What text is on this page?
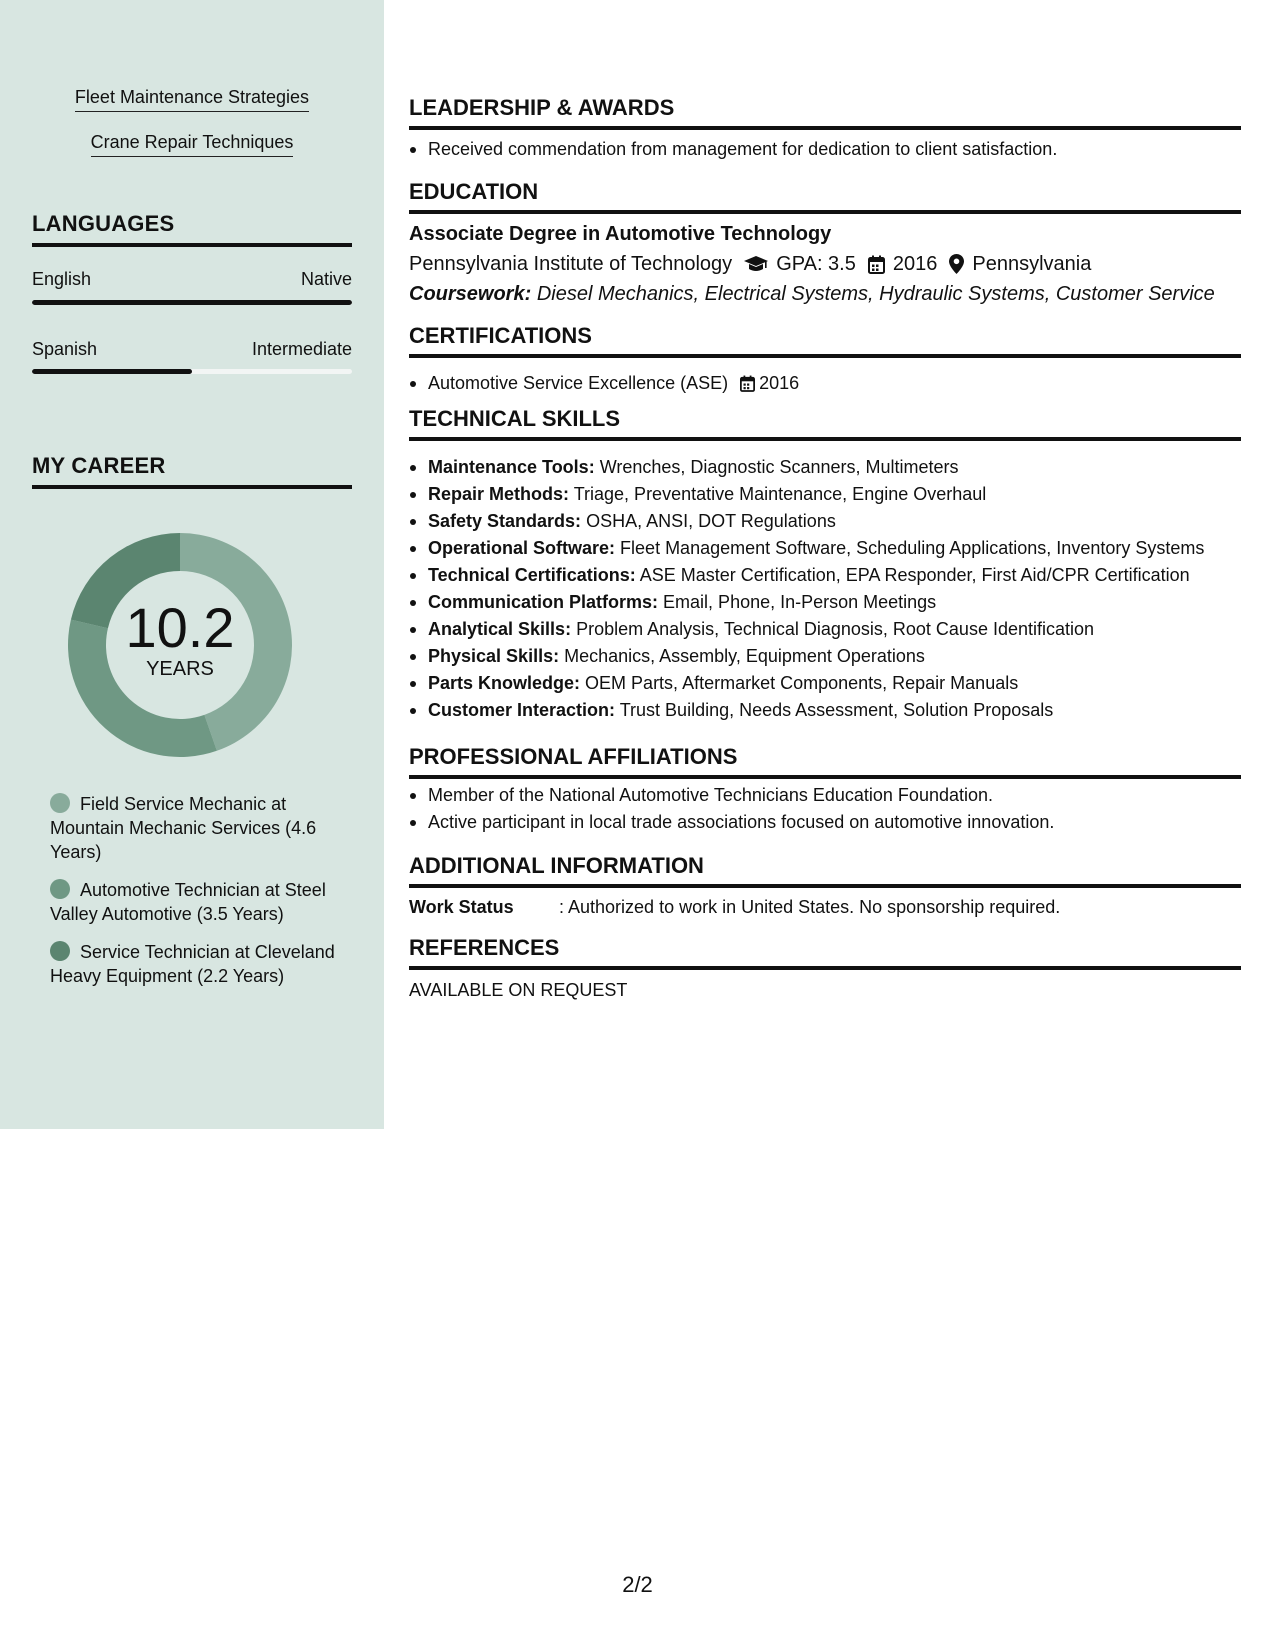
Fleet Maintenance Strategies
Crane Repair Techniques
LANGUAGES
English	Native
Spanish	Intermediate
MY CAREER
10.2
YEARS
Field Service Mechanic at Mountain Mechanic Services (4.6 Years)
Automotive Technician at Steel Valley Automotive (3.5 Years)
Service Technician at Cleveland Heavy Equipment (2.2 Years)
LEADERSHIP & AWARDS
Received commendation from management for dedication to client satisfaction.
EDUCATION
Associate Degree in Automotive Technology
Pennsylvania Institute of Technology GPA: 3.5 2016 Pennsylvania
Coursework: Diesel Mechanics, Electrical Systems, Hydraulic Systems, Customer Service
CERTIFICATIONS
Automotive Service Excellence (ASE) 2016
TECHNICAL SKILLS
Maintenance Tools: Wrenches, Diagnostic Scanners, Multimeters
Repair Methods: Triage, Preventative Maintenance, Engine Overhaul
Safety Standards: OSHA, ANSI, DOT Regulations
Operational Software: Fleet Management Software, Scheduling Applications, Inventory Systems
Technical Certifications: ASE Master Certification, EPA Responder, First Aid/CPR Certification
Communication Platforms: Email, Phone, In-Person Meetings
Analytical Skills: Problem Analysis, Technical Diagnosis, Root Cause Identification
Physical Skills: Mechanics, Assembly, Equipment Operations
Parts Knowledge: OEM Parts, Aftermarket Components, Repair Manuals
Customer Interaction: Trust Building, Needs Assessment, Solution Proposals
PROFESSIONAL AFFILIATIONS
Member of the National Automotive Technicians Education Foundation.
Active participant in local trade associations focused on automotive innovation.
ADDITIONAL INFORMATION
Work Status	: Authorized to work in United States. No sponsorship required.
REFERENCES
AVAILABLE ON REQUEST
2/2
